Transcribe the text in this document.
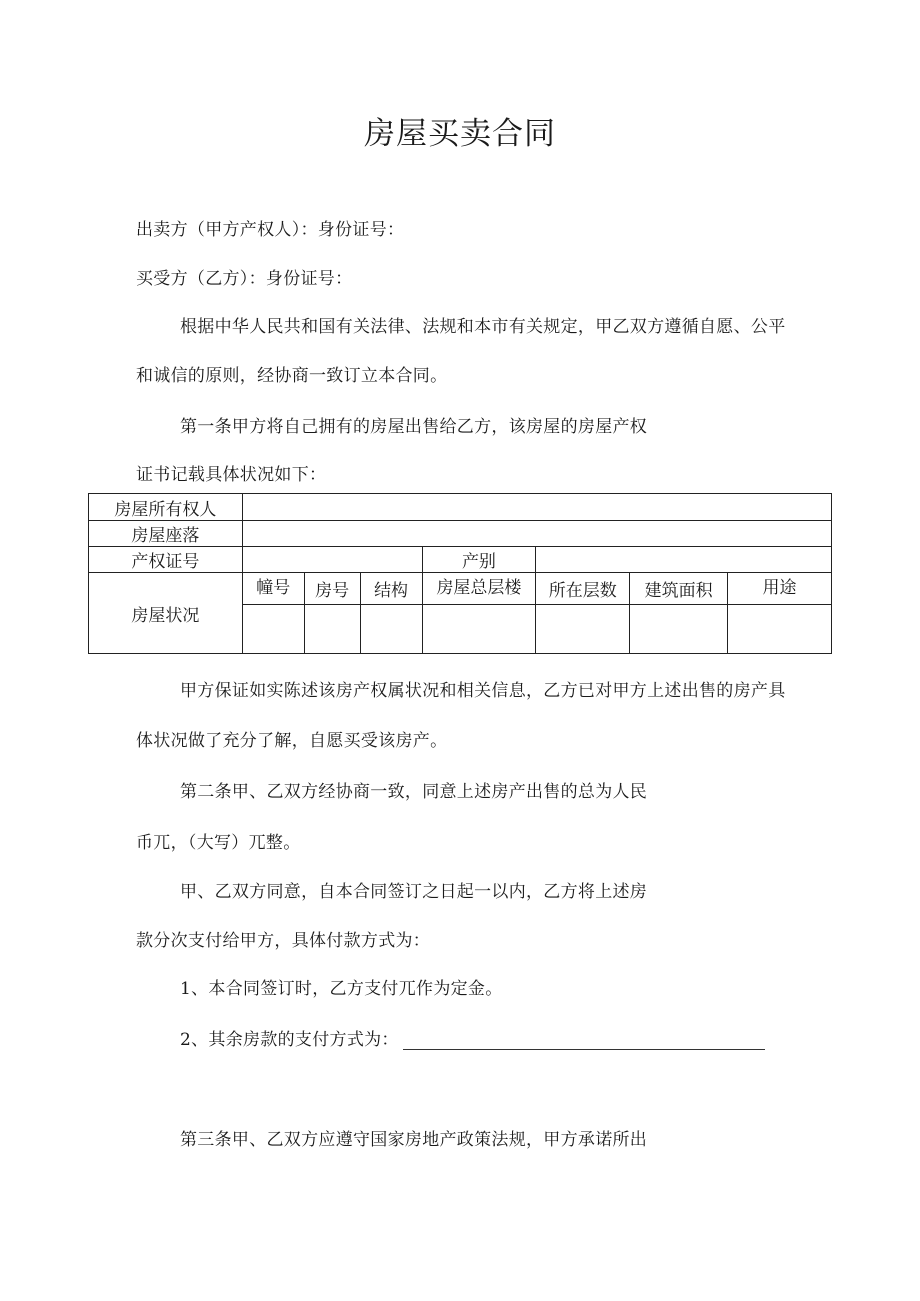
房屋买卖合同
出卖方（甲方产权人）：身份证号：
买受方（乙方）：身份证号：
根据中华人民共和国有关法律、法规和本市有关规定，甲乙双方遵循自愿、公平
和诚信的原则，经协商一致订立本合同。
第一条甲方将自己拥有的房屋出售给乙方，该房屋的房屋产权
证书记载具体状况如下：
房屋所有权人							
房屋座落							
产权证号				产别			
房屋状况	幢号	房号	结构	房屋总层楼	所在层数	建筑面积	用途

甲方保证如实陈述该房产权属状况和相关信息，乙方已对甲方上述出售的房产具
体状况做了充分了解，自愿买受该房产。
第二条甲、乙双方经协商一致，同意上述房产出售的总为人民
币兀，（大写）兀整。
甲、乙双方同意，自本合同签订之日起一以内，乙方将上述房
款分次支付给甲方，具体付款方式为：
1、本合同签订时，乙方支付兀作为定金。
2、其余房款的支付方式为：
第三条甲、乙双方应遵守国家房地产政策法规，甲方承诺所出
